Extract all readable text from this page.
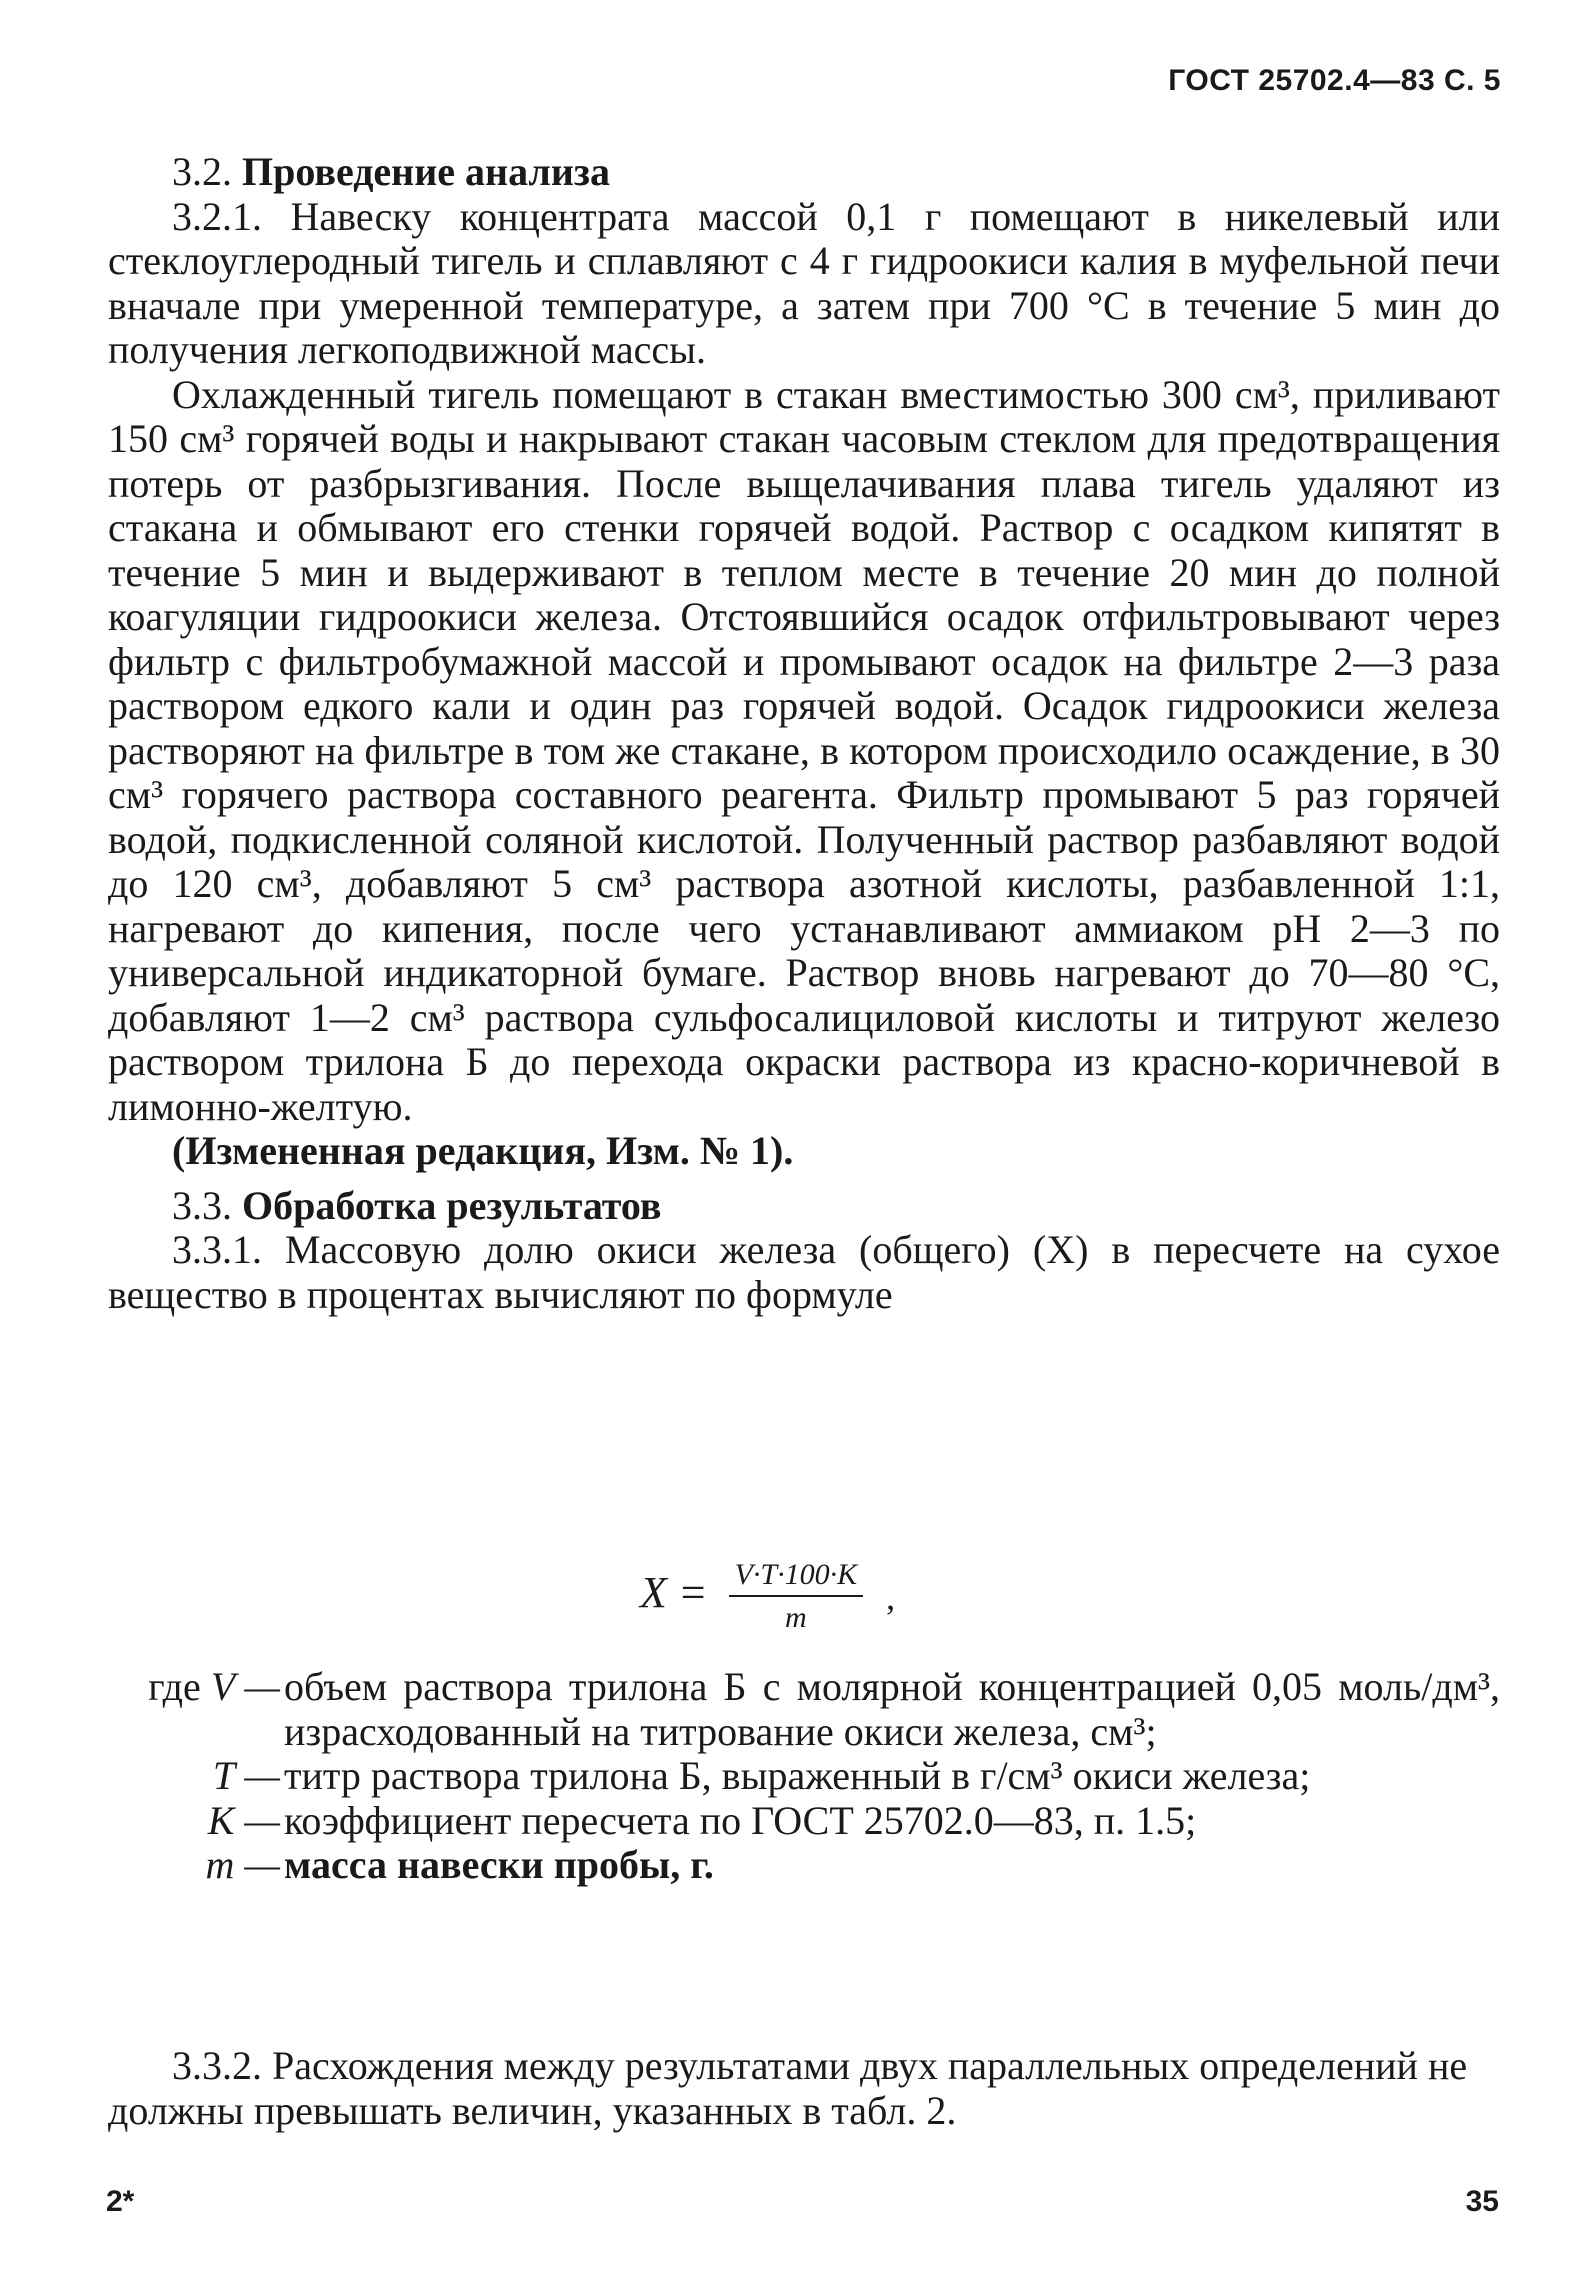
ГОСТ 25702.4—83 С. 5

3.2. Проведение анализа

3.2.1. Навеску концентрата массой 0,1 г помещают в никелевый или стеклоуглеродный тигель и сплавляют с 4 г гидроокиси калия в муфельной печи вначале при умеренной температуре, а затем при 700 °С в течение 5 мин до получения легкоподвижной массы.

Охлажденный тигель помещают в стакан вместимостью 300 см³, приливают 150 см³ горячей воды и накрывают стакан часовым стеклом для предотвращения потерь от разбрызгивания. После выщелачивания плава тигель удаляют из стакана и обмывают его стенки горячей водой. Раствор с осадком кипятят в течение 5 мин и выдерживают в теплом месте в течение 20 мин до полной коагуляции гидроокиси железа. Отстоявшийся осадок отфильтровывают через фильтр с фильтробумажной массой и промывают осадок на фильтре 2—3 раза раствором едкого кали и один раз горячей водой. Осадок гидроокиси железа растворяют на фильтре в том же стакане, в котором происходило осаждение, в 30 см³ горячего раствора составного реагента. Фильтр промывают 5 раз горячей водой, подкисленной соляной кислотой. Полученный раствор разбавляют водой до 120 см³, добавляют 5 см³ раствора азотной кислоты, разбавленной 1:1, нагревают до кипения, после чего устанавливают аммиаком pH 2—3 по универсальной индикаторной бумаге. Раствор вновь нагревают до 70—80 °С, добавляют 1—2 см³ раствора сульфосалициловой кислоты и титруют железо раствором трилона Б до перехода окраски раствора из красно-коричневой в лимонно-желтую.

(Измененная редакция, Изм. № 1).

3.3. Обработка результатов

3.3.1. Массовую долю окиси железа (общего) (X) в пересчете на сухое вещество в процентах вычисляют по формуле

$X = \frac{V\cdot T\cdot 100\cdot K}{m}$ ,
где V — объем раствора трилона Б с молярной концентрацией 0,05 моль/дм³, израсходованный на титрование окиси железа, см³;
T — титр раствора трилона Б, выраженный в г/см³ окиси железа;
K — коэффициент пересчета по ГОСТ 25702.0—83, п. 1.5;
m — масса навески пробы, г.

3.3.2. Расхождения между результатами двух параллельных определений не должны превышать величин, указанных в табл. 2.

2*	35
